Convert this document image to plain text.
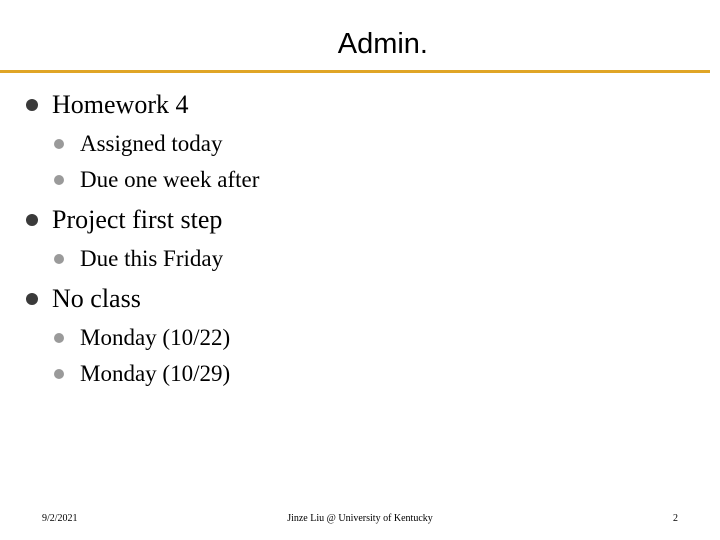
Admin.
Homework 4
Assigned today
Due one week after
Project first step
Due this Friday
No class
Monday (10/22)
Monday (10/29)
9/2/2021	Jinze Liu @ University of Kentucky	2
